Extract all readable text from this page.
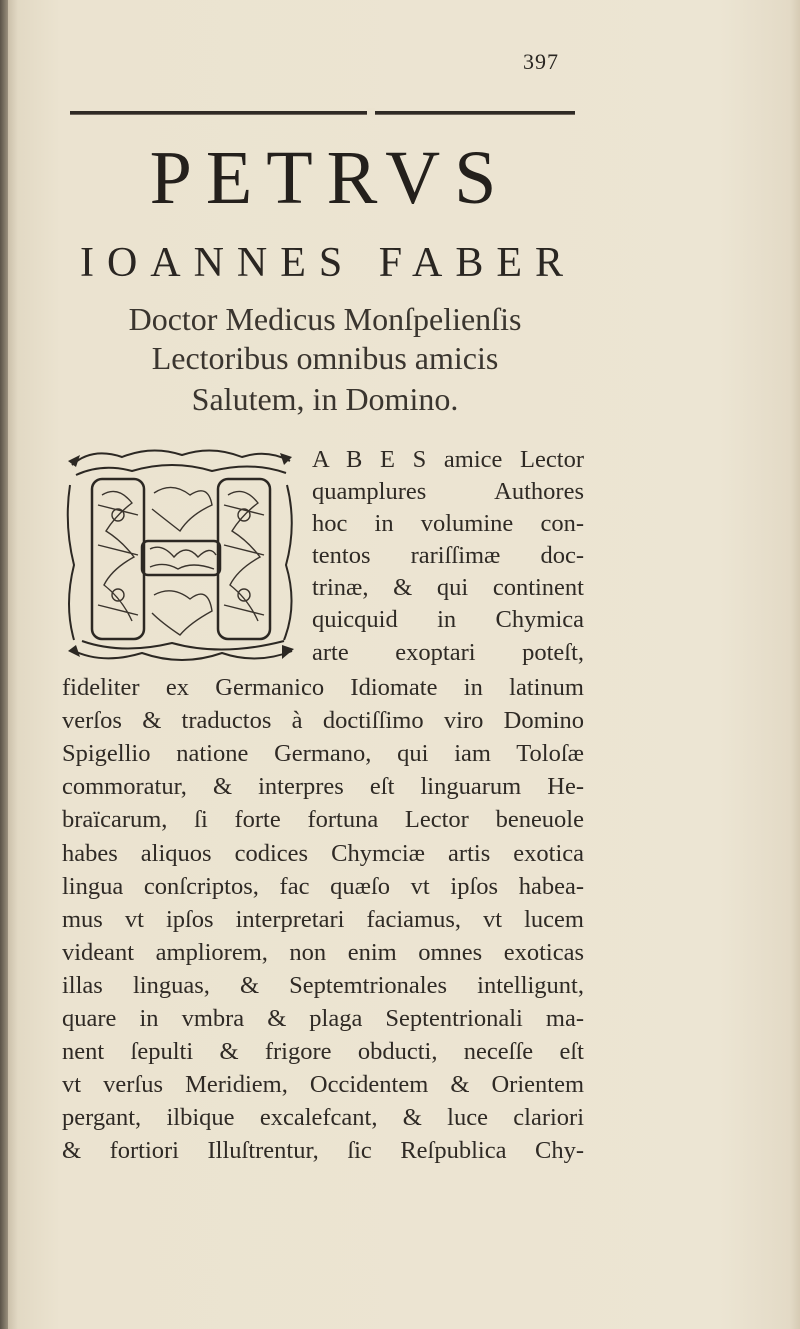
397
PETRVS
IOANNES FABER
Doctor Medicus Monſpelienſis
Lectoribus omnibus amicis
Salutem, in Domino.
A B E S amice Lector
quamplures Authores
hoc in volumine con-
tentos rariſſimæ doc-
trinæ, & qui continent
quicquid in Chymica
arte exoptari poteſt,
fideliter ex Germanico Idiomate in latinum
verſos & traductos à doctiſſimo viro Domino
Spigellio natione Germano, qui iam Toloſæ
commoratur, & interpres eſt linguarum He-
braïcarum, ſi forte fortuna Lector beneuole
habes aliquos codices Chymciæ artis exotica
lingua conſcriptos, fac quæſo vt ipſos habea-
mus vt ipſos interpretari faciamus, vt lucem
videant ampliorem, non enim omnes exoticas
illas linguas, & Septemtrionales intelligunt,
quare in vmbra & plaga Septentrionali ma-
nent ſepulti & frigore obducti, neceſſe eſt
vt verſus Meridiem, Occidentem & Orientem
pergant, ilbique excalefcant, & luce clariori
& fortiori Illuſtrentur, ſic Reſpublica Chy-
